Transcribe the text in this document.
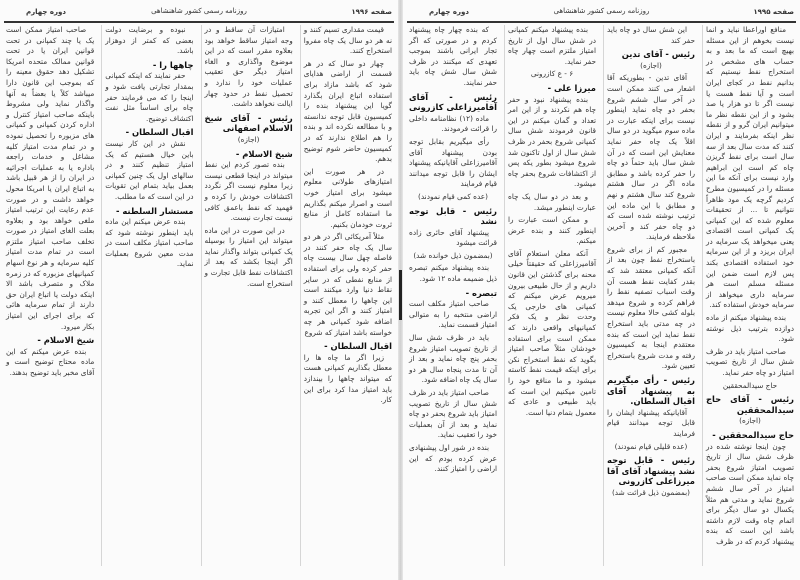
صفحه ۱۹۹۶
روزنامه رسمی کشور شاهنشاهی
دوره چهارم

قیمت مقداری تسیم کنند و نه هر دو سال یک چاه مفروا استخراج کنند.

چهار دو سال که در هر قسمت از اراضی هدایای شود که باشد مازاد برای استفاده اتباع ایران بگذارد گویا این پیشنهاد بنده را کمیسیون قابل توجه ندانسته و با مطالعه نکرده اند و بنده را هم اطلاع ندارند که در کمیسیون حاضر شوم توضیح بدهم.

در هر صورت این امتیازهای طولانی معلوم میشود برای امتیاز خوب است و اصرار میکنم بگذاریم ما استفاده کامل از منابع ثروت خودمان بکنیم.

مثلاً آمریکائی اگر در هر دو سال یک چاه حفر کنند در فاصله چهل سال بیست چاه حفر کرده ولی برای استفاده از منابع نفطی که در سایر نقاط دنیا وارد میکنند است این چاهها را معطل کنند و امتیاز کنند و اگر این تجربه اضافه شود کمپانی هر چه خواسته باشد امتیاز که شروع

اقبال السلطان -

زیرا اگر ما چاه ها را معطل بگذاریم کمپانی هست که میتواند چاهها را بیندازد باید امتیاز مدا کرد برای این کار.

امتیازات آن ساقط و در وجه امتیاز ساقط خواهد بود بعلاوه مقرر است که در این موضوع واگذاری و الغاء امتیاز دیگر حق تعقیب عملیات خود را ندارد و تحصیل نفط در حدود چهار ایالت نخواهد داشت.

رئیس - آقای شیخ الاسلام اصفهانی

(اجازه)

شیخ الاسلام -

بنده تصور کردم این نفط میتواند در اینجا قطعی نیست زیرا معلوم نیست اگر نگردد اکتشافات خودش را کرده و فهمید که نفط باعمق کافی نیست تجارت نیست.

در این صورت در این ماده میتواند این امتیاز را بوسیله یک کمپانی بتواند واگذار نماید اگر اینجا بکشد که بعد از اکتشافات نفط قابل تجارت و استخراج است.

نبوده و برضایت دولت بعضی که کمتر از دوهزار باشد.

چاهها را -

حفر نمایند که اینکه کمپانی بمقدار تجارتی یافت شود و اینجا را که می فرمایند حفر چاه برای اساساً مثل نفت اکتشاف توضیح.

اقبال السلطان -

نقش در این کار نیست باین خیال هستیم که یک امتیاز تنظیم کنند و در سالهای اول یک چنین کمپانی بعمل بیاید بتمام این تقویات در این است که ما مطلب.

مستشار السلطنه -

بنده عرض میکنم این ماده باید اینطور نوشته شود که صاحب امتیاز مکلف است در مدت معین شروع بعملیات نماید.

صاحب امتیاز ممکن است یک یا چند کمپانی در تحت قوانین ایران یا در تحت قوانین ممالک متحده امریکا تشکیل دهد حقوق معینه را که بموجب این قانون دارا میباشد کلاً یا بعضاً به آنها واگذار نماید ولی مشروط باینکه صاحب امتیاز کنترل و اداره کردن کمپانی و کمپانی های مزبوره را تحصیل نموده و در تمام مدت امتیاز کلیه مشاغل و خدمات راجعه باداره یا به عملیات اجرائیه در ایران را از هر قبیل باشد به اتباع ایران یا امریکا محول خواهد داشت و در صورت عدم رعایت این ترتیب امتیاز ملغی خواهد بود و بعلاوه بعلت الغای امتیاز در صورت تخلف صاحب امتیاز ملتزم است در تمام مدت امتیاز کلیه سرمایه و هر نوع اسهام کمپانیهای مزبوره که در زمره ملاک و متصرف باشد الا اینکه دولت یا اتباع ایران حق دارند از تمام سرمایه هائی که برای اجرای این امتیاز بکار میرود.

شیخ الاسلام -

بنده عرض میکنم که این ماده محتاج توضیح است و آقای مخبر باید توضیح بدهند.

صفحه ۱۹۹۵
روزنامه رسمی کشور شاهنشاهی
دوره چهارم

منافع اوراعطا نباید و انما نیست بخوهم از این مسئله بهیچ است که ما بعد و به حساب های مشخص در استخراج نفط نیستیم که بدانیم نفط در کجای ایران است و آیا نفط هست یا نیست اگر تا دو هزار یا صد بشود و از این نقطه نظر ما میتوانیم ایران گرو و از نقطه نظر اینکه بفرمایند و ایران کنند که مدت سال بعد از سه سال است برای نفط گریزن چاه کم است این ابراهیم وارد نیست برای آنکه ما این مسئله را در کمیسیون مطرح کردیم گرچه یک مود ظاهراً نتوانیم تا ... از تحقیقات معلوم شده که این کمپانی یک کمپانی است اقتصادی یعنی میخواهد یک سرمایه در ایران بریزد و از این سرمایه خود استفاده اقتصادی بکند پس لازم است ضمن این مسئله مسلم است هر سرمایه داری میخواهد از سرمایه خودش استفاده کند.

بنده پیشنهاد میکنم از ماده دوازده بترتیب ذیل نوشته شود.

صاحب امتیاز باید در ظرف شش سال از تاریخ تصویب امتیاز دو چاه حفر نماید.

حاج سیدالمحققین

رئیس - آقای حاج سیدالمحققین

(اجازه)

حاج سیدالمحققین -

چون اینجا نوشته شده در ظرف شش سال از تاریخ تصویب امتیاز شروع بحفر چاه نماید ممکن است صاحب امتیاز در آخر سال ششم شروع نماید و مدتی هم مثلاً یکسال دو سال دیگر برای اتمام چاه وقت لازم داشته باشد این است که بنده پیشنهاد کردم که در ظرف

این شش سال دو چاه باید حفر کند

رئیس - آقای تدین

(اجازه)

آقای تدین - بطوریکه آقا اشعار می کنند ممکن است در آخر سال ششم شروع بحفر دو چاه نماید اینطور نیست برای اینکه عبارت در ماده سوم میگوید در دو سال اقلاً یک چاه حفر نماید معنایش این است که در آن شش سال باید حتماً دو چاه را حفر کرده باشد و مطابق ماده اگر در سال هشتم شروع کند سال هشتم و نهم و مطابق با این ماده این ترتیب نوشته شده است که دو چاه حفر کند و آخرین ملاحظه فرمایند.

مجبور کم از برای شروع باستخراج نفط چون بعد از آنکه کمپانی معتقد شد که بقدر کفایت نفط هست آن وقت اسباب تصفیه نفط را فراهم کرده و شروع میدهد بلوله کشی حالا معلوم نیست در چه مدتی باید استخراج نفط نماید این است که بنده معتقدم اینجا به کمیسیون رفته و مدت شروع باستخراج تعیین شود.

رئیس - رأی میگیریم به پیشنهاد آقای اقبال السلطان.

آقایانیکه پیشنهاد ایشان را قابل توجه میدانند قیام فرمایند

(عده قلیلی قیام نمودند)

رئیس - قابل توجه نشد پیشنهاد آقای آقا میرزاعلی کازرونی

(بمضمون ذیل قرائت شد)

بنده پیشنهاد میکنم کمپانی در شش سال اول از تاریخ امتیاز ملتزم است چهار چاه حفر نماید.

۶ - ع کازرونی

میرزا علی -

بنده پیشنهاد نبود و حفر چاه هم نکردند و از این امر تعداد و گمان میکنم در این قانون فرمودند شش سال کمپانی شروع بحفر در ظرف شش سال از اول تاکنون شد شروع میشود بطور یکه پس از اکتشافات شروع بحفر چاه میشود.

و بعد در دو سال یک چاه عبارت اینطور میشد.

و ممکن است عبارت را اینطور کنند و بنده عرض میکنم.

آنکه معلن استعلام آقای آقامیرزاعلی که حقیقتاً خیلی محنه برای گذشتن این قانون داریم و از حال طبیعی بیرون میرویم عرض میکنم که کمپانی های خارجی یک وحدت نظر و یک فکر کمپانیهای واقعی دارند که ممکن است برای استفاده خودشان مثلاً صاحب امتیاز بگوید که نفط استخراج نکن برای اینکه قیمت نفط کاسته میشود و ما منافع خود را تامین میکنیم این است که باید طبیعی و عادی که معمول بتمام دنیا است.

که بنده چهار چاه پیشنهاد کردم و در صورتی که اگر تجار ایرانی باشند بموجب تعهدی که میکنند در ظرف شش سال شش چاه باید حفر نمایند.

رئیس - آقای آقامیرزاعلی کازرونی

ماده (۱۲) نظامنامه داخلی را قرائت فرمودند.

رأی میگیریم بقابل توجه بودن پیشنهاد آقای آقامیرزاعلی آقایانیکه پیشنهاد ایشان را قابل توجه میدانند قیام فرمایند

(عده کمی قیام نمودند)

رئیس - قابل توجه نشد

پیشنهاد آقای حائری زاده قرائت میشود

(بمضمون ذیل خوانده شد)

بنده پیشنهاد میکنم تبصره ذیل ضمیمه ماده ۱۲ شود.

تبصره -

صاحب امتیاز مکلف است اراضی منتخبه را به متوالی امتیاز قسمت نماید.

باید در ظرف شش سال از تاریخ تصویب امتیاز شروع بحفر پنج چاه نماید و بعد از آن تا مدت پنجاه سال هر دو سال یک چاه اضافه شود.

صاحب امتیاز باید در ظرف شش سال از تاریخ تصویب امتیاز باید شروع بحفر دو چاه نماید و بعد از آن بعملیات خود را تعقیب نماید.

بنده در شور اول پیشنهادی عرض کرده بودم که این اراضی را امتیاز کنند.
